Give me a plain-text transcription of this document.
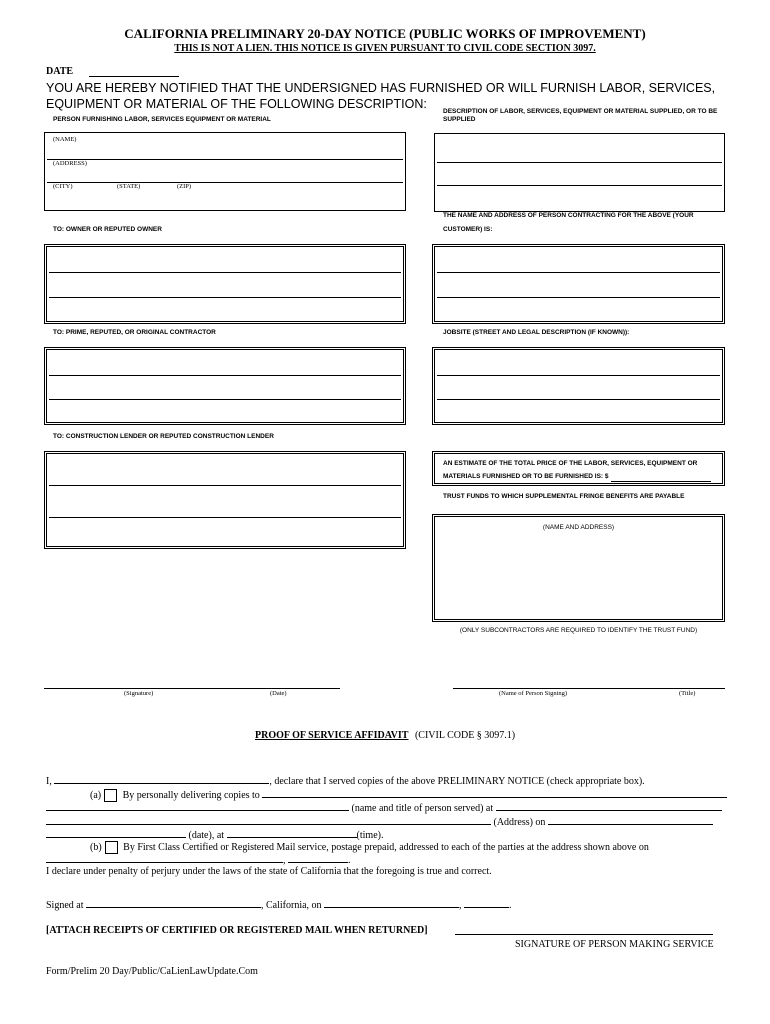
CALIFORNIA PRELIMINARY 20-DAY NOTICE (PUBLIC WORKS OF IMPROVEMENT)
THIS IS NOT A LIEN. THIS NOTICE IS GIVEN PURSUANT TO CIVIL CODE SECTION 3097.
DATE
YOU ARE HEREBY NOTIFIED THAT THE UNDERSIGNED HAS FURNISHED OR WILL FURNISH LABOR, SERVICES, EQUIPMENT OR MATERIAL OF THE FOLLOWING DESCRIPTION:
PERSON FURNISHING LABOR, SERVICES EQUIPMENT OR MATERIAL
(NAME)
(ADDRESS)
(CITY)	(STATE)	(ZIP)
TO: OWNER OR REPUTED OWNER
TO: PRIME, REPUTED, OR ORIGINAL CONTRACTOR
TO: CONSTRUCTION LENDER OR REPUTED CONSTRUCTION LENDER
DESCRIPTION OF LABOR, SERVICES, EQUIPMENT OR MATERIAL SUPPLIED, OR TO BE SUPPLIED
THE NAME AND ADDRESS OF PERSON CONTRACTING FOR THE ABOVE (YOUR
CUSTOMER) IS:
JOBSITE (STREET AND LEGAL DESCRIPTION (IF KNOWN)):
AN ESTIMATE OF THE TOTAL PRICE OF THE LABOR, SERVICES, EQUIPMENT OR
MATERIALS FURNISHED OR TO BE FURNISHED IS: $
TRUST FUNDS TO WHICH SUPPLEMENTAL FRINGE BENEFITS ARE PAYABLE
(NAME AND ADDRESS)
(ONLY SUBCONTRACTORS ARE REQUIRED TO IDENTIFY THE TRUST FUND)
(Signature)	(Date)	(Name of Person Signing)	(Title)
PROOF OF SERVICE AFFIDAVIT (CIVIL CODE § 3097.1)
I,	, declare that I served copies of the above PRELIMINARY NOTICE (check appropriate box).
(a) By personally delivering copies to
(name and title of person served) at
(Address) on
(date), at	(time).
(b) By First Class Certified or Registered Mail service, postage prepaid, addressed to each of the parties at the address shown above on
,	.
I declare under penalty of perjury under the laws of the state of California that the foregoing is true and correct.
Signed at	, California, on	,	.
[ATTACH RECEIPTS OF CERTIFIED OR REGISTERED MAIL WHEN RETURNED]
SIGNATURE OF PERSON MAKING SERVICE
Form/Prelim 20 Day/Public/CaLienLawUpdate.Com
